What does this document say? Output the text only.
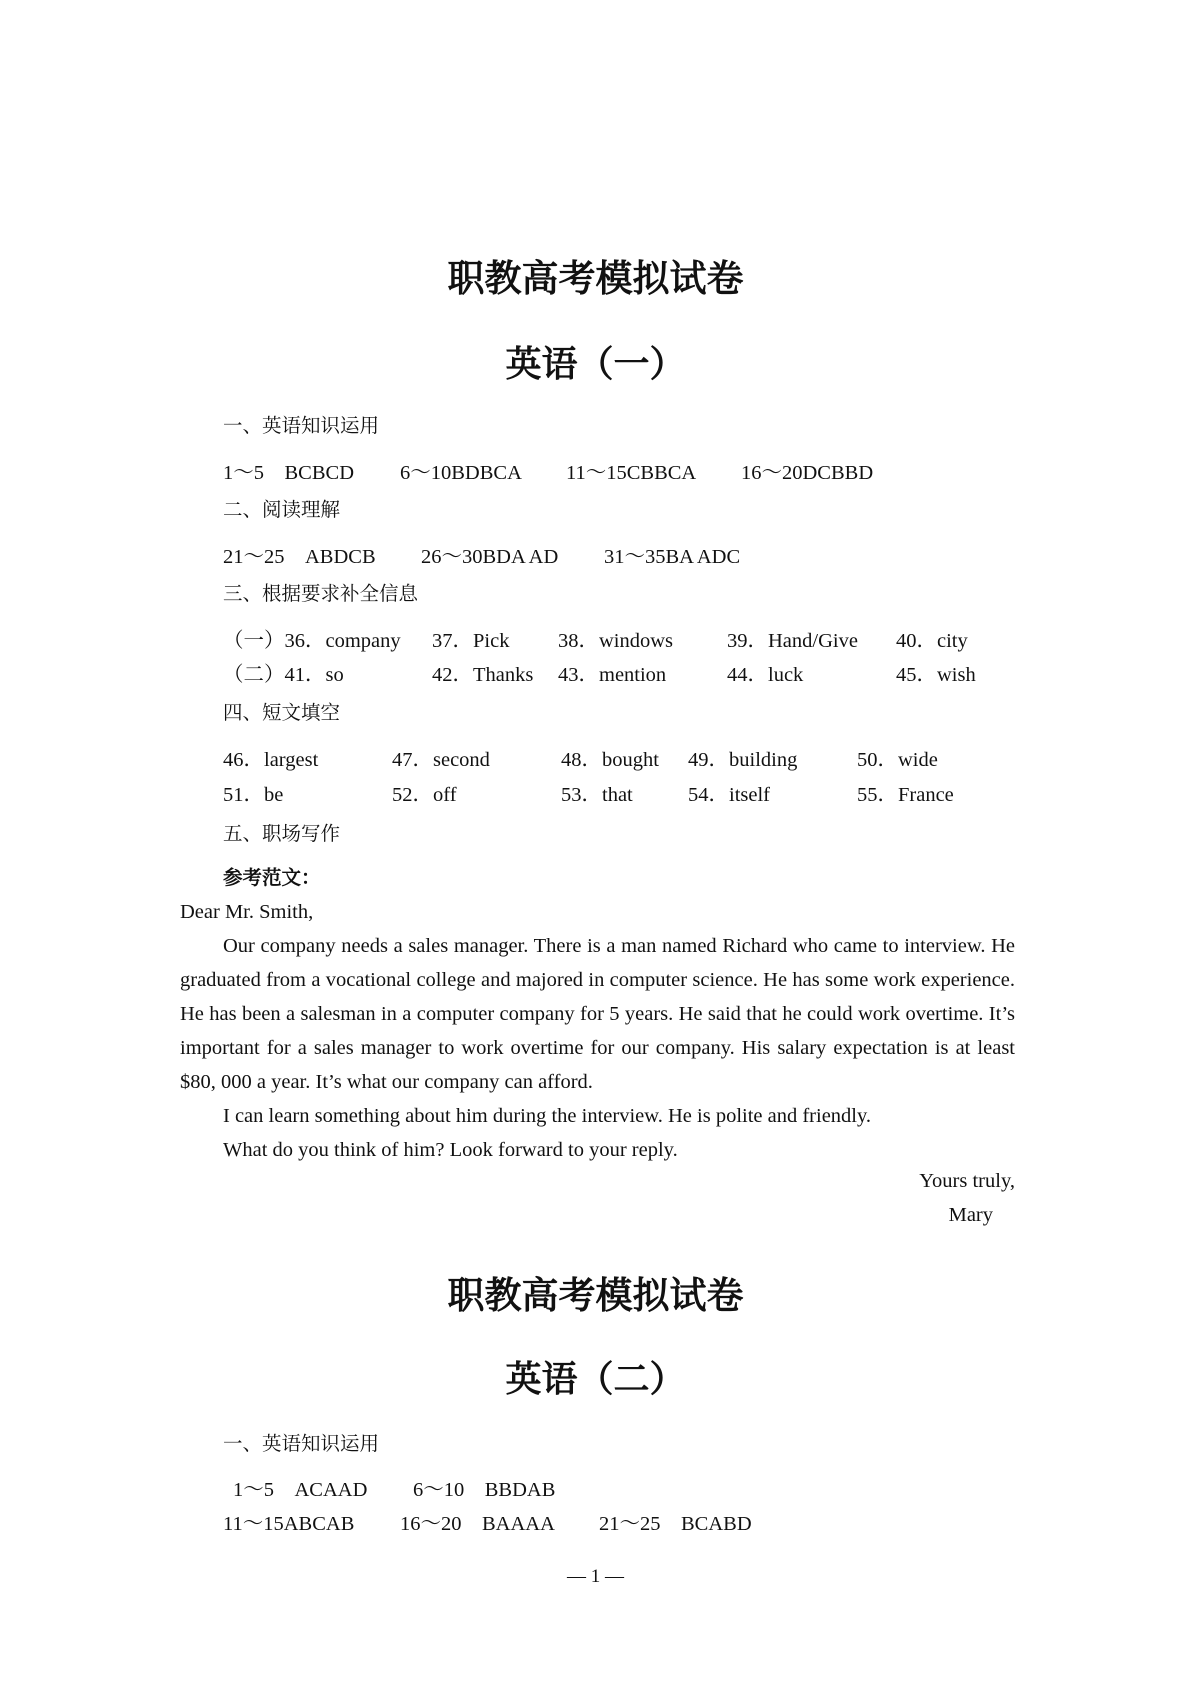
职教高考模拟试卷
英语（一）
一、英语知识运用
1～5　BCBCD 6～10BDBCA 11～15CBBCA 16～20DCBBD
二、阅读理解
21～25　ABDCB 26～30BDA AD 31～35BA ADC
三、根据要求补全信息
（一）36．company 37．Pick 38．windows	39．Hand/Give 40．city
（二）41．so	42．Thanks 43．mention	44．luck	45．wish
四、短文填空
46．largest	47．second	48．bought 49．building	50．wide
51．be	52．off	53．that	54．itself	55．France
五、职场写作
参考范文：

Dear Mr. Smith,

Our company needs a sales manager. There is a man named Richard who came to interview. He graduated from a vocational college and majored in computer science. He has some work experience. He has been a salesman in a computer company for 5 years. He said that he could work overtime. It’s important for a sales manager to work overtime for our company. His salary expectation is at least $80, 000 a year. It’s what our company can afford.

I can learn something about him during the interview. He is polite and friendly.

What do you think of him? Look forward to your reply.

Yours truly,
Mary
职教高考模拟试卷
英语（二）
一、英语知识运用
1～5　ACAAD 6～10　BBDAB
11～15ABCAB 16～20　BAAAA 21～25　BCABD
— 1 —
